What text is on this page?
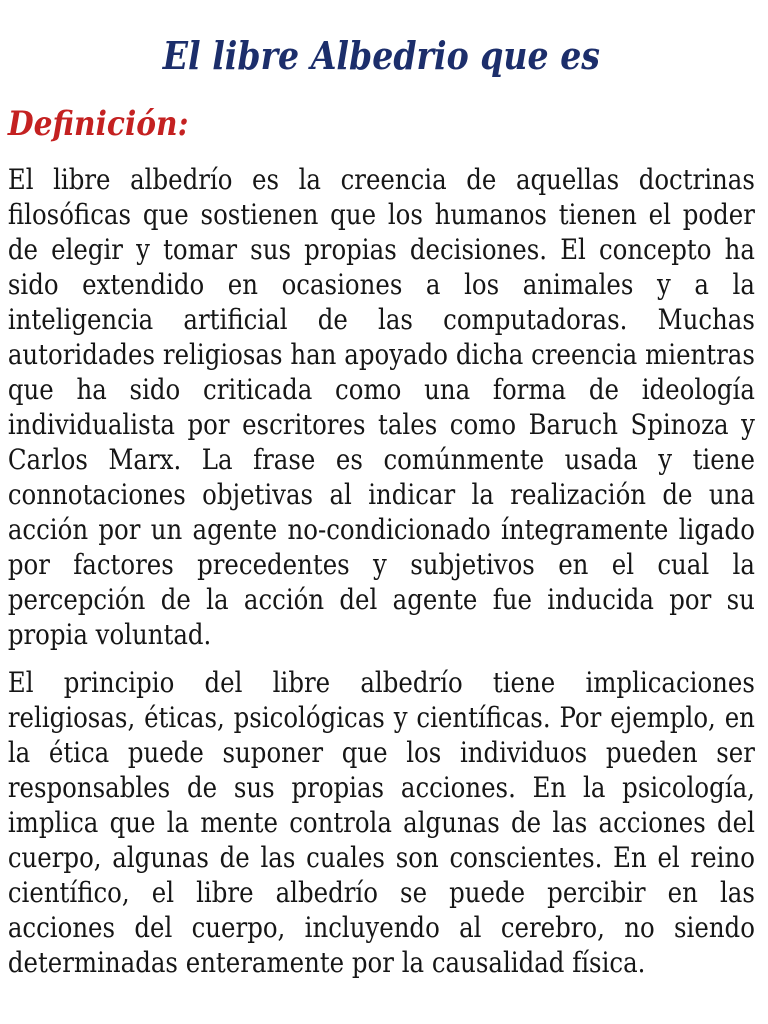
El libre Albedrio que es
Definición:

El libre albedrío es la creencia de aquellas doctrinas filosóficas que sostienen que los humanos tienen el poder de elegir y tomar sus propias decisiones. El concepto ha sido extendido en ocasiones a los animales y a la inteligencia artificial de las computadoras. Muchas autoridades religiosas han apoyado dicha creencia mientras que ha sido criticada como una forma de ideología individualista por escritores tales como Baruch Spinoza y Carlos Marx. La frase es comúnmente usada y tiene connotaciones objetivas al indicar la realización de una acción por un agente no-condicionado íntegramente ligado por factores precedentes y subjetivos en el cual la percepción de la acción del agente fue inducida por su propia voluntad.

El principio del libre albedrío tiene implicaciones religiosas, éticas, psicológicas y científicas. Por ejemplo, en la ética puede suponer que los individuos pueden ser responsables de sus propias acciones. En la psicología, implica que la mente controla algunas de las acciones del cuerpo, algunas de las cuales son conscientes. En el reino científico, el libre albedrío se puede percibir en las acciones del cuerpo, incluyendo al cerebro, no siendo determinadas enteramente por la causalidad física.
